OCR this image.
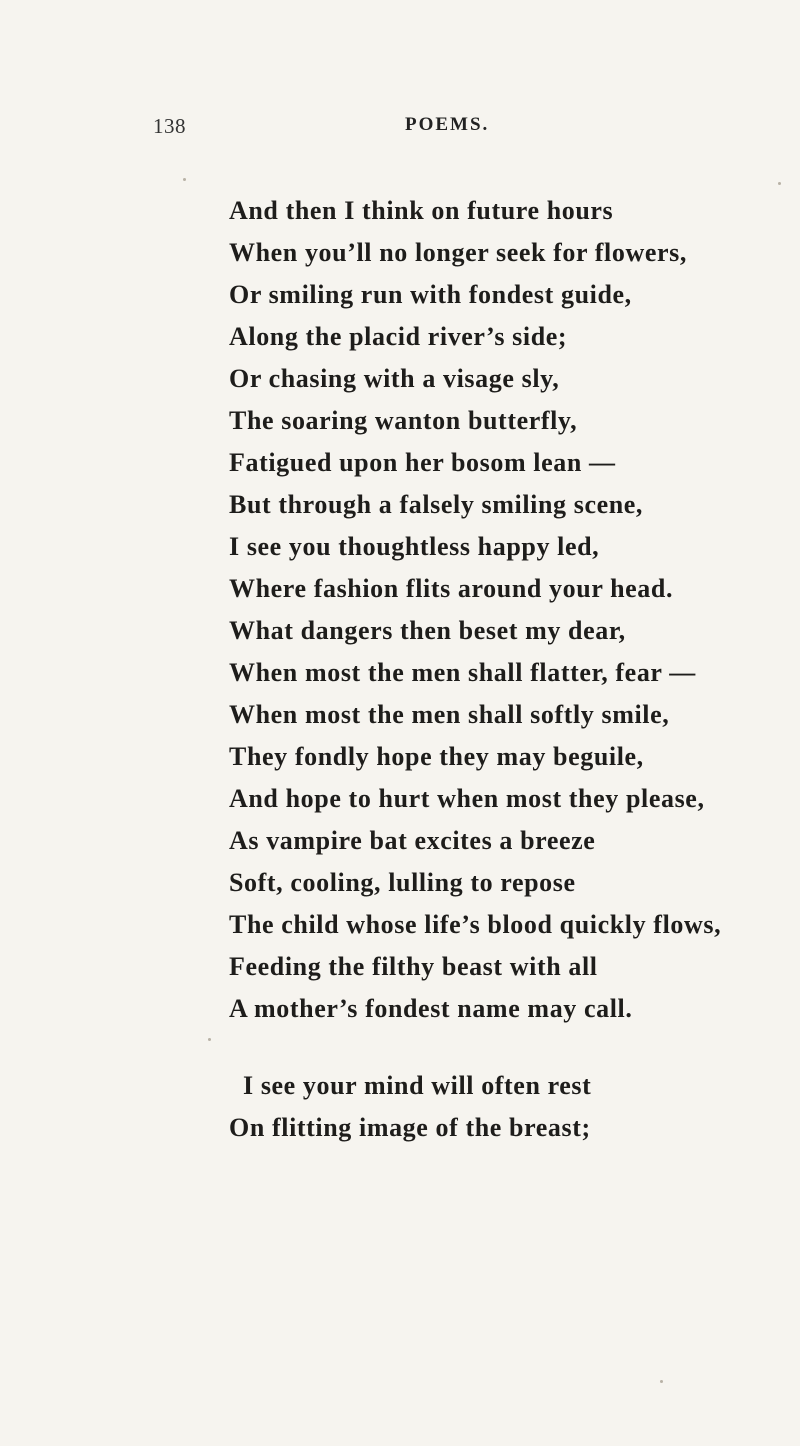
138	POEMS.
And then I think on future hours
When you’ll no longer seek for flowers,
Or smiling run with fondest guide,
Along the placid river’s side;
Or chasing with a visage sly,
The soaring wanton butterfly,
Fatigued upon her bosom lean —
But through a falsely smiling scene,
I see you thoughtless happy led,
Where fashion flits around your head.
What dangers then beset my dear,
When most the men shall flatter, fear —
When most the men shall softly smile,
They fondly hope they may beguile,
And hope to hurt when most they please,
As vampire bat excites a breeze
Soft, cooling, lulling to repose
The child whose life’s blood quickly flows,
Feeding the filthy beast with all
A mother’s fondest name may call.
I see your mind will often rest
On flitting image of the breast;
